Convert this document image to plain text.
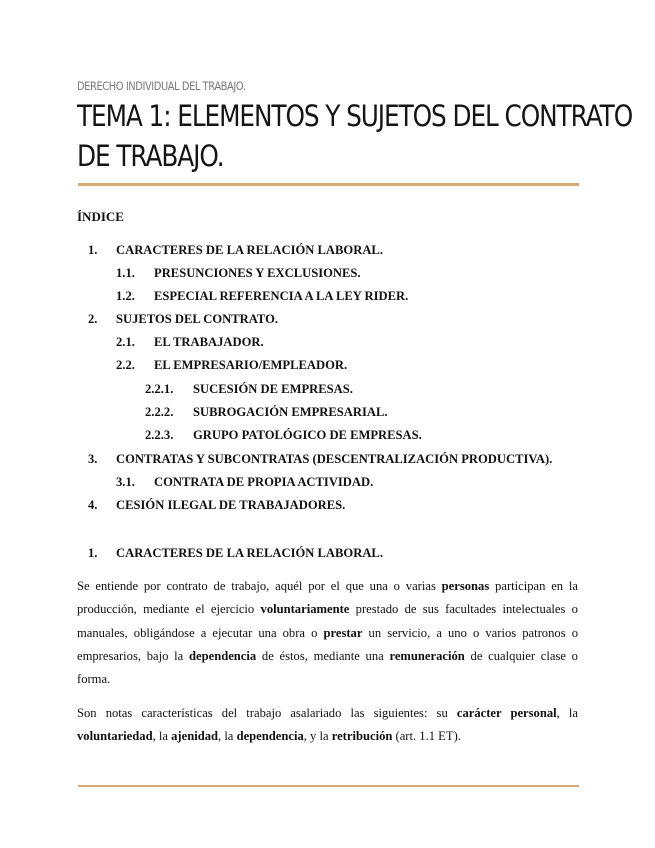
DERECHO INDIVIDUAL DEL TRABAJO.
TEMA 1: ELEMENTOS Y SUJETOS DEL CONTRATO
DE TRABAJO.
ÍNDICE
1. CARACTERES DE LA RELACIÓN LABORAL.
1.1. PRESUNCIONES Y EXCLUSIONES.
1.2. ESPECIAL REFERENCIA A LA LEY RIDER.
2. SUJETOS DEL CONTRATO.
2.1. EL TRABAJADOR.
2.2. EL EMPRESARIO/EMPLEADOR.
2.2.1. SUCESIÓN DE EMPRESAS.
2.2.2. SUBROGACIÓN EMPRESARIAL.
2.2.3. GRUPO PATOLÓGICO DE EMPRESAS.
3. CONTRATAS Y SUBCONTRATAS (DESCENTRALIZACIÓN PRODUCTIVA).
3.1. CONTRATA DE PROPIA ACTIVIDAD.
4. CESIÓN ILEGAL DE TRABAJADORES.
1. CARACTERES DE LA RELACIÓN LABORAL.
Se entiende por contrato de trabajo, aquél por el que una o varias personas participan en la
producción, mediante el ejercicio voluntariamente prestado de sus facultades intelectuales o
manuales, obligándose a ejecutar una obra o prestar un servicio, a uno o varios patronos o
empresarios, bajo la dependencia de éstos, mediante una remuneración de cualquier clase o
forma.
Son notas características del trabajo asalariado las siguientes: su carácter personal, la
voluntariedad, la ajenidad, la dependencia, y la retribución (art. 1.1 ET).
